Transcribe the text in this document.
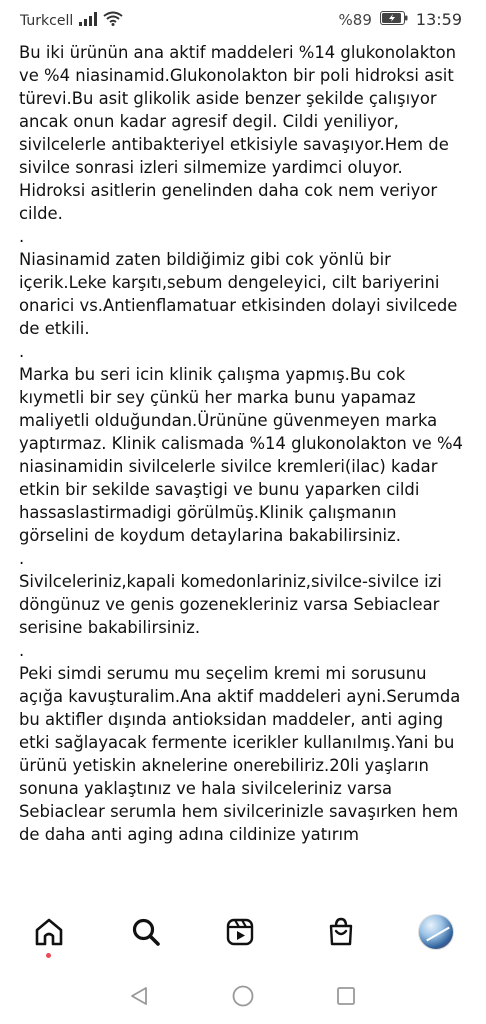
Turkcell	%89	13:59

Bu iki ürünün ana aktif maddeleri %14 glukonolakton ve %4 niasinamid.Glukonolakton bir poli hidroksi asit türevi.Bu asit glikolik aside benzer şekilde çalışıyor ancak onun kadar agresif degil. Cildi yeniliyor, sivilcelerle antibakteriyel etkisiyle savaşıyor.Hem de sivilce sonrasi izleri silmemize yardimci oluyor. Hidroksi asitlerin genelinden daha cok nem veriyor cilde.

.

Niasinamid zaten bildiğimiz gibi cok yönlü bir içerik.Leke karşıtı,sebum dengeleyici, cilt bariyerini onarici vs.Antienflamatuar etkisinden dolayi sivilcede de etkili.

.

Marka bu seri icin klinik çalışma yapmış.Bu cok kıymetli bir sey çünkü her marka bunu yapamaz maliyetli olduğundan.Ürününe güvenmeyen marka yaptırmaz. Klinik calismada %14 glukonolakton ve %4 niasinamidin sivilcelerle sivilce kremleri(ilac) kadar etkin bir sekilde savaştigi ve bunu yaparken cildi hassaslastirmadigi görülmüş.Klinik çalışmanın görselini de koydum detaylarina bakabilirsiniz.

.

Sivilceleriniz,kapali komedonlariniz,sivilce-sivilce izi döngünuz ve genis gozenekleriniz varsa Sebiaclear serisine bakabilirsiniz.

.

Peki simdi serumu mu seçelim kremi mi sorusunu açığa kavuşturalim.Ana aktif maddeleri ayni.Serumda bu aktifler dışında antioksidan maddeler, anti aging etki sağlayacak fermente icerikler kullanılmış.Yani bu ürünü yetiskin aknelerine onerebiliriz.20li yaşların sonuna yaklaştınız ve hala sivilceleriniz varsa Sebiaclear serumla hem sivilcerinizle savaşırken hem de daha anti aging adına cildinize yatırım
